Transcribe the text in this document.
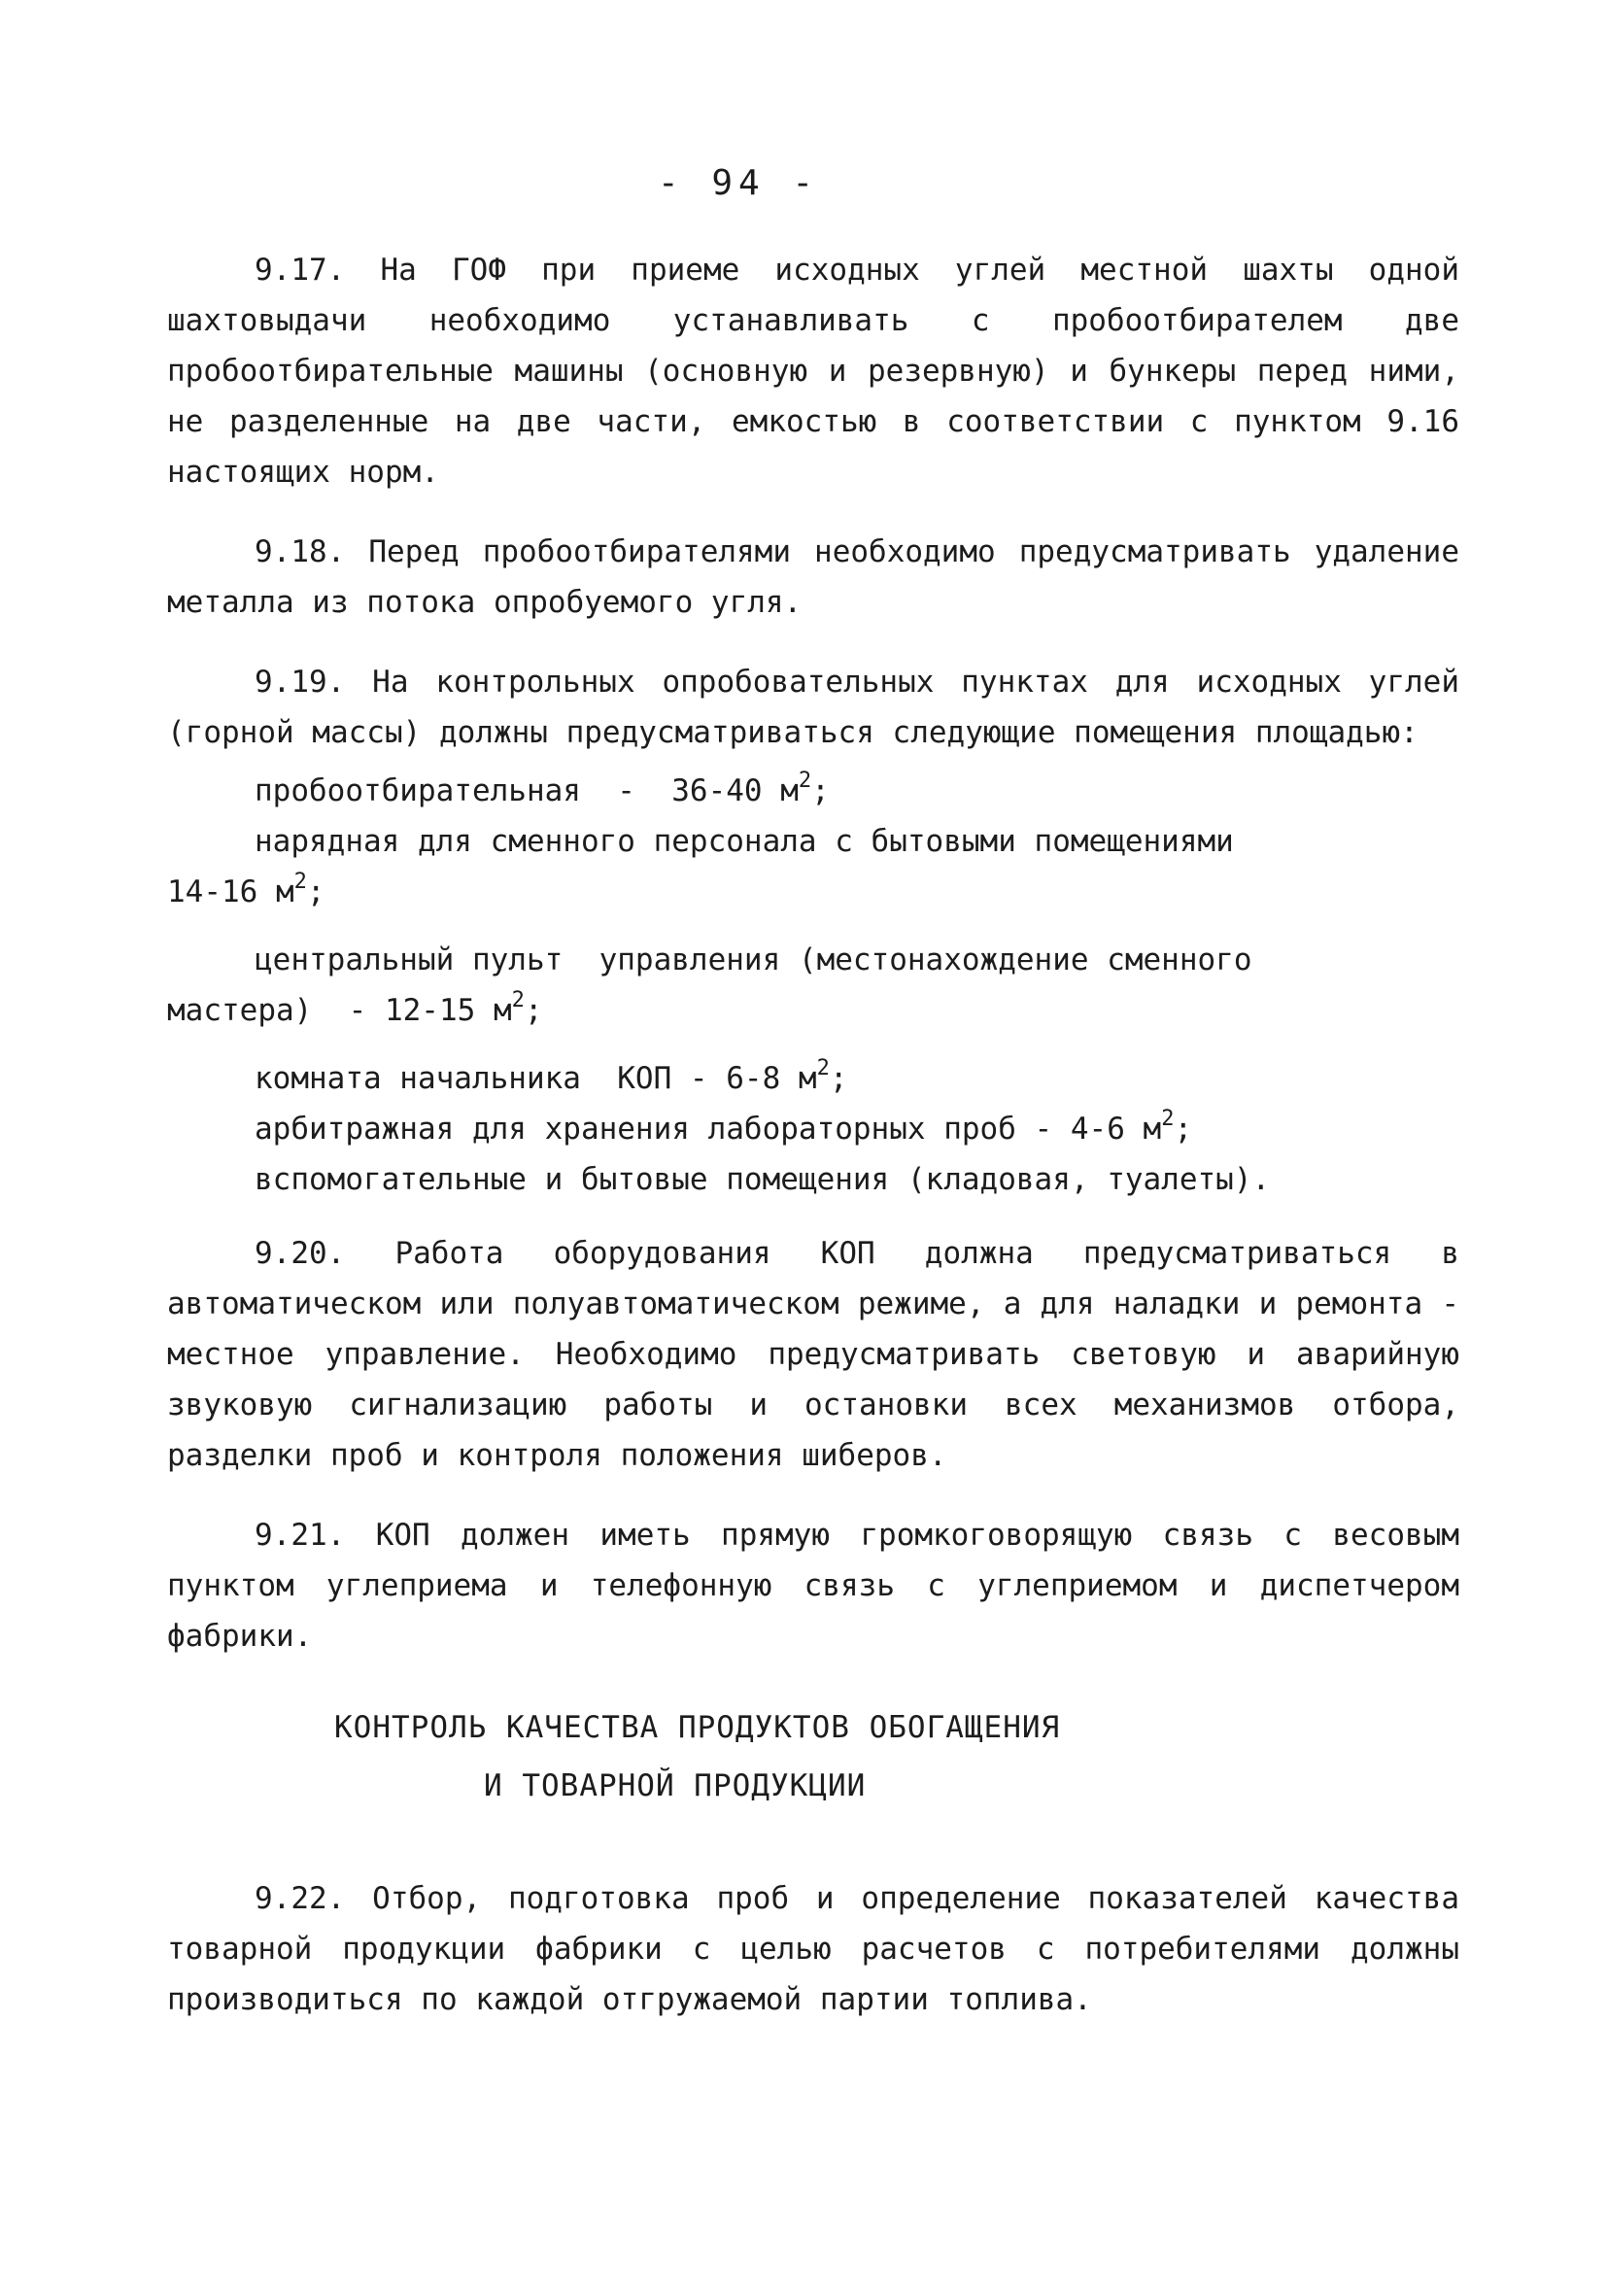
- 94 -

9.17. На ГОФ при приеме исходных углей местной шахты одной шахтовыдачи необходимо устанавливать с пробоотбирателем две пробоотбирательные машины (основную и резервную) и бункеры перед ними, не разделенные на две части, емкостью в соответствии с пунктом 9.16 настоящих норм.

9.18. Перед пробоотбирателями необходимо предусматривать удаление металла из потока опробуемого угля.

9.19. На контрольных опробовательных пунктах для исходных углей (горной массы) должны предусматриваться следующие помещения площадью:

пробоотбирательная  -  36-40 $м^2$;
нарядная для сменного персонала с бытовыми помещениями
14-16 $м^2$;
центральный пульт  управления (местонахождение сменного
мастера)  - 12-15 $м^2$;
комната начальника  КОП - 6-8 $м^2$;
арбитражная для хранения лабораторных проб - 4-6 $м^2$;
вспомогательные и бытовые помещения (кладовая, туалеты).

9.20. Работа оборудования КОП должна предусматриваться в автоматическом или полуавтоматическом режиме, а для наладки и ремонта - местное управление. Необходимо предусматривать световую и аварийную звуковую сигнализацию работы и остановки всех механизмов отбора, разделки проб и контроля положения шиберов.

9.21. КОП должен иметь прямую громкоговорящую связь с весовым пунктом углеприема и телефонную связь с углеприемом и диспетчером фабрики.

КОНТРОЛЬ КАЧЕСТВА ПРОДУКТОВ ОБОГАЩЕНИЯ
И ТОВАРНОЙ ПРОДУКЦИИ

9.22. Отбор, подготовка проб и определение показателей качества товарной продукции фабрики с целью расчетов с потребителями должны производиться по каждой отгружаемой партии топлива.
